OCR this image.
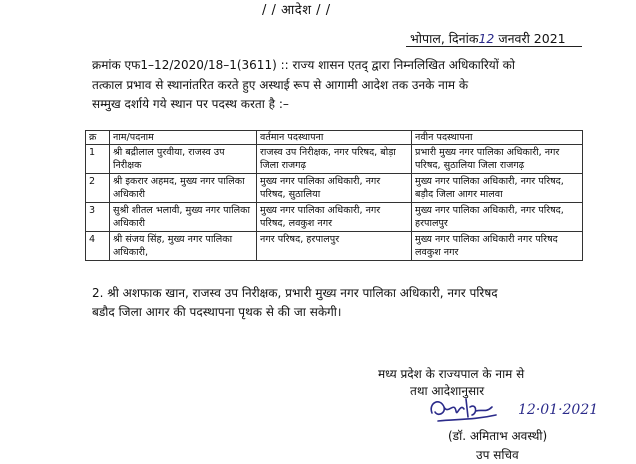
/ / आदेश / /
भोपाल, दिनांक12 जनवरी 2021
क्रमांक एफ1–12/2020/18–1(3611) :: राज्य शासन एतद् द्वारा निम्नलिखित अधिकारियों को
तत्काल प्रभाव से स्थानांतरित करते हुए अस्थाई रूप से आगामी आदेश तक उनके नाम के
सम्मुख दर्शाये गये स्थान पर पदस्थ करता है :–
क्र	नाम/पदनाम	वर्तमान पदस्थापना	नवीन पदस्थापना
1	श्री बद्रीलाल पुरवीया, राजस्व उप निरीक्षक	राजस्व उप निरीक्षक, नगर परिषद, बोड़ा जिला राजगढ़	प्रभारी मुख्य नगर पालिका अधिकारी, नगर परिषद, सुठालिया जिला राजगढ़
2	श्री इकरार अहमद, मुख्य नगर पालिका अधिकारी	मुख्य नगर पालिका अधिकारी, नगर परिषद, सुठालिया	मुख्य नगर पालिका अधिकारी, नगर परिषद, बड़ौद जिला आगर मालवा
3	सुश्री शीतल भलावी, मुख्य नगर पालिका अधिकारी	मुख्य नगर पालिका अधिकारी, नगर परिषद, लवकुश नगर	मुख्य नगर पालिका अधिकारी, नगर परिषद, हरपालपुर
4	श्री संजय सिंह, मुख्य नगर पालिका अधिकारी,	नगर परिषद, हरपालपुर	मुख्य नगर पालिका अधिकारी नगर परिषद लवकुश नगर
2. श्री अशफाक खान, राजस्व उप निरीक्षक, प्रभारी मुख्य नगर पालिका अधिकारी, नगर परिषद
बडौद जिला आगर की पदस्थापना पृथक से की जा सकेगी।
मध्य प्रदेश के राज्यपाल के नाम से
तथा आदेशानुसार
12·01·2021
(डॉ. अमिताभ अवस्थी)
उप सचिव
